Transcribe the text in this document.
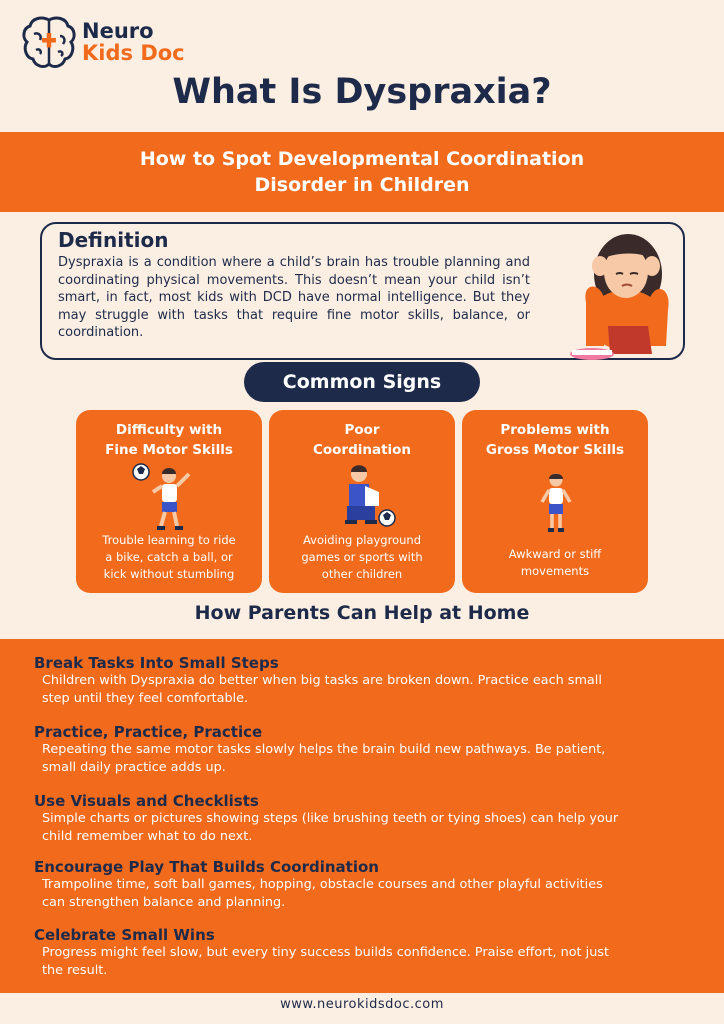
Neuro
Kids Doc
What Is Dyspraxia?
How to Spot Developmental Coordination
Disorder in Children
Definition
Dyspraxia is a condition where a child’s brain has trouble planning and coordinating physical movements. This doesn’t mean your child isn’t smart, in fact, most kids with DCD have normal intelligence. But they may struggle with tasks that require fine motor skills, balance, or coordination.
Common Signs
Difficulty with
Fine Motor Skills
Trouble learning to ride
a bike, catch a ball, or
kick without stumbling
Poor
Coordination
Avoiding playground
games or sports with
other children
Problems with
Gross Motor Skills
Awkward or stiff
movements
How Parents Can Help at Home
Break Tasks Into Small Steps
Children with Dyspraxia do better when big tasks are broken down. Practice each small
step until they feel comfortable.
Practice, Practice, Practice
Repeating the same motor tasks slowly helps the brain build new pathways. Be patient,
small daily practice adds up.
Use Visuals and Checklists
Simple charts or pictures showing steps (like brushing teeth or tying shoes) can help your
child remember what to do next.
Encourage Play That Builds Coordination
Trampoline time, soft ball games, hopping, obstacle courses and other playful activities
can strengthen balance and planning.
Celebrate Small Wins
Progress might feel slow, but every tiny success builds confidence. Praise effort, not just
the result.
www.neurokidsdoc.com
